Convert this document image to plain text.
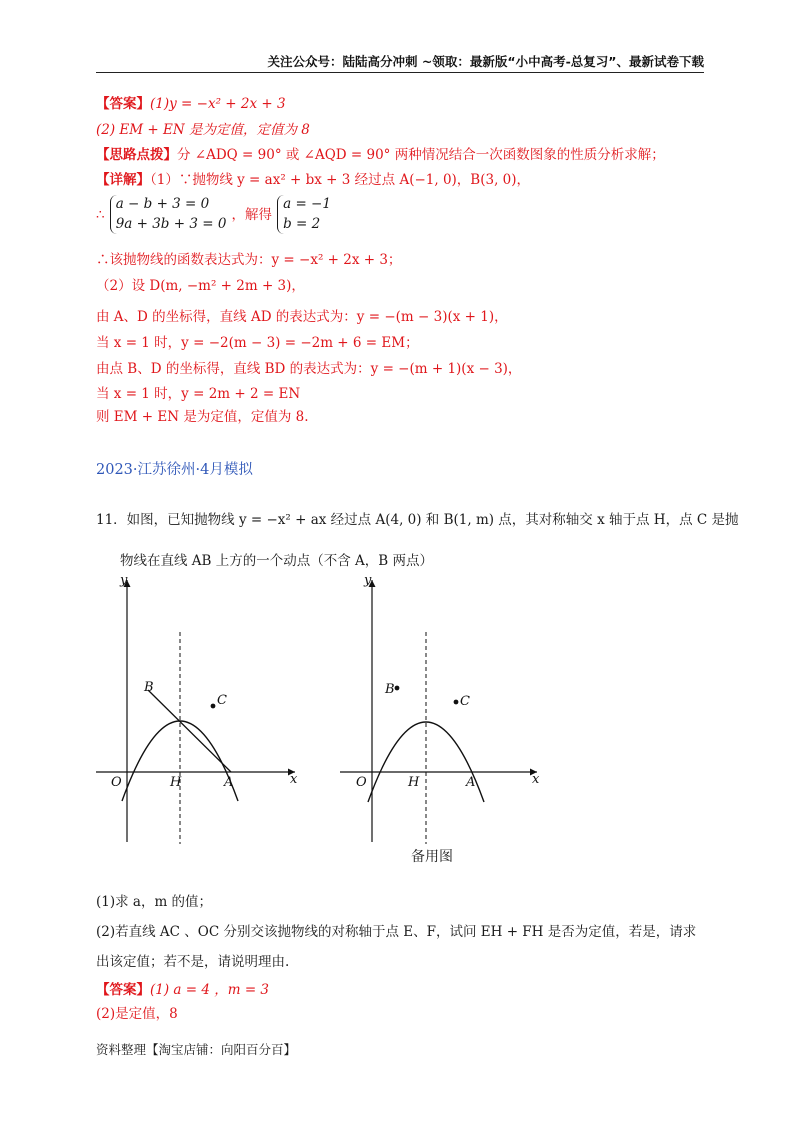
关注公众号：陆陆高分冲刺 ~领取：最新版“小中高考-总复习”、最新试卷下载
【答案】(1)y = −x² + 2x + 3
(2) EM + EN 是为定值，定值为 8
【思路点拨】分 ∠ADQ = 90° 或 ∠AQD = 90° 两种情况结合一次函数图象的性质分析求解；
【详解】（1）∵抛物线 y = ax² + bx + 3 经过点 A(−1, 0)，B(3, 0)，
∴
a − b + 3 = 0
9a + 3b + 3 = 0
，解得
a = −1
b = 2
∴该抛物线的函数表达式为：y = −x² + 2x + 3；
（2）设 D(m, −m² + 2m + 3)，
由 A、D 的坐标得，直线 AD 的表达式为：y = −(m − 3)(x + 1)，
当 x = 1 时，y = −2(m − 3) = −2m + 6 = EM；
由点 B、D 的坐标得，直线 BD 的表达式为：y = −(m + 1)(x − 3)，
当 x = 1 时，y = 2m + 2 = EN
则 EM + EN 是为定值，定值为 8.
2023·江苏徐州·4月模拟
11．如图，已知抛物线 y = −x² + ax 经过点 A(4, 0) 和 B(1, m) 点，其对称轴交 x 轴于点 H，点 C 是抛
物线在直线 AB 上方的一个动点（不含 A，B 两点）
y
x
O	H	A
B
C
y
x
O	H	A
B
C
备用图
(1)求 a，m 的值；
(2)若直线 AC 、OC 分别交该抛物线的对称轴于点 E、F，试问 EH + FH 是否为定值，若是，请求
出该定值；若不是，请说明理由.
【答案】(1) a = 4 ，m = 3
(2)是定值，8
资料整理【淘宝店铺：向阳百分百】
